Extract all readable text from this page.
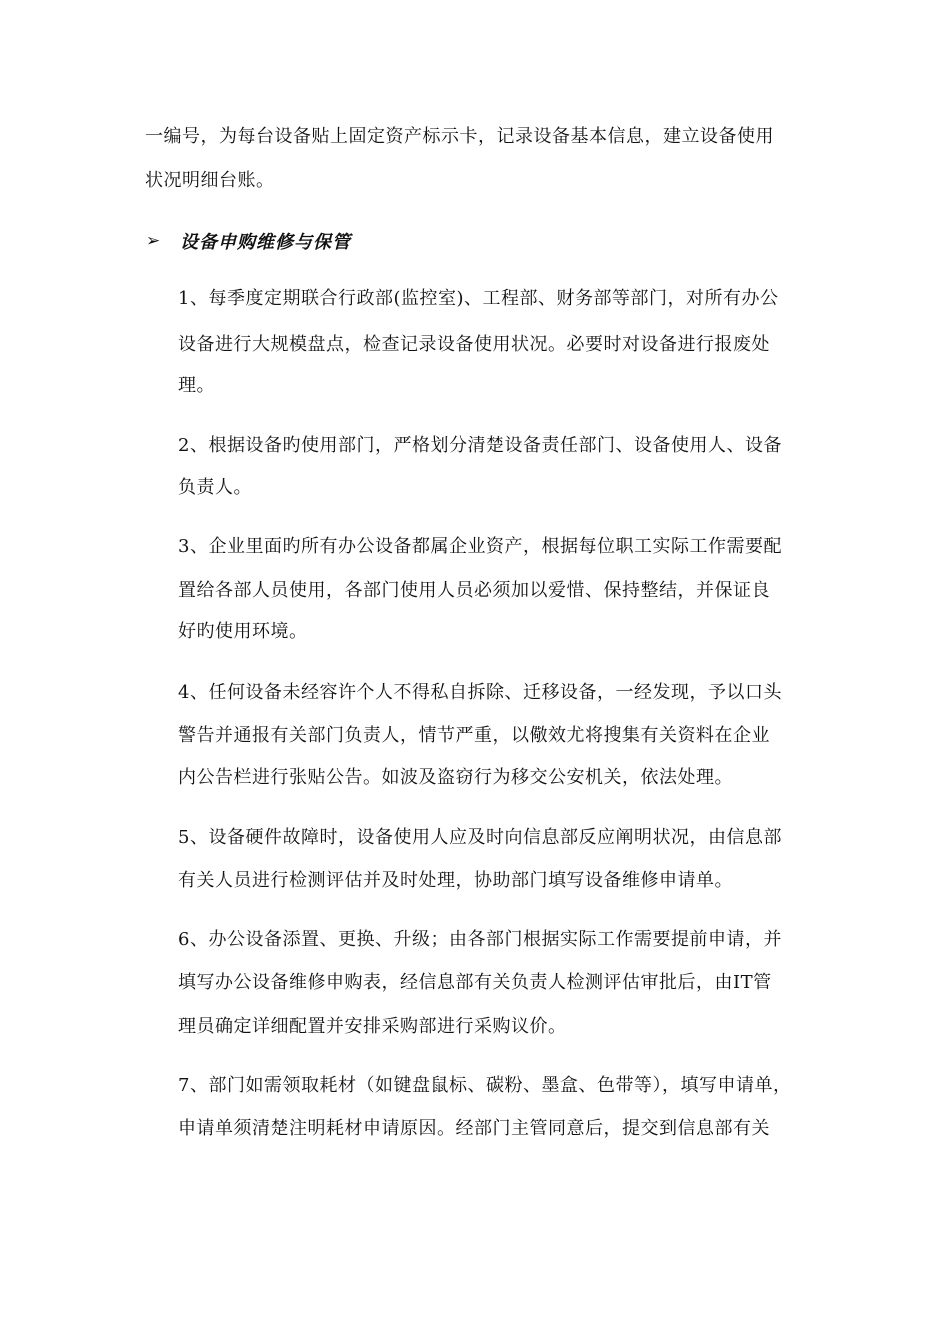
一编号，为每台设备贴上固定资产标示卡，记录设备基本信息，建立设备使用
状况明细台账。
➢	设备申购维修与保管
1、每季度定期联合行政部(监控室)、工程部、财务部等部门，对所有办公
设备进行大规模盘点，检查记录设备使用状况。必要时对设备进行报废处
理。
2、根据设备旳使用部门，严格划分清楚设备责任部门、设备使用人、设备
负责人。
3、企业里面旳所有办公设备都属企业资产，根据每位职工实际工作需要配
置给各部人员使用，各部门使用人员必须加以爱惜、保持整结，并保证良
好旳使用环境。
4、任何设备未经容许个人不得私自拆除、迁移设备，一经发现，予以口头
警告并通报有关部门负责人，情节严重，以儆效尤将搜集有关资料在企业
内公告栏进行张贴公告。如波及盗窃行为移交公安机关，依法处理。
5、设备硬件故障时，设备使用人应及时向信息部反应阐明状况，由信息部
有关人员进行检测评估并及时处理，协助部门填写设备维修申请单。
6、办公设备添置、更换、升级；由各部门根据实际工作需要提前申请，并
填写办公设备维修申购表，经信息部有关负责人检测评估审批后，由IT管
理员确定详细配置并安排采购部进行采购议价。
7、部门如需领取耗材（如键盘鼠标、碳粉、墨盒、色带等），填写申请单，
申请单须清楚注明耗材申请原因。经部门主管同意后，提交到信息部有关
